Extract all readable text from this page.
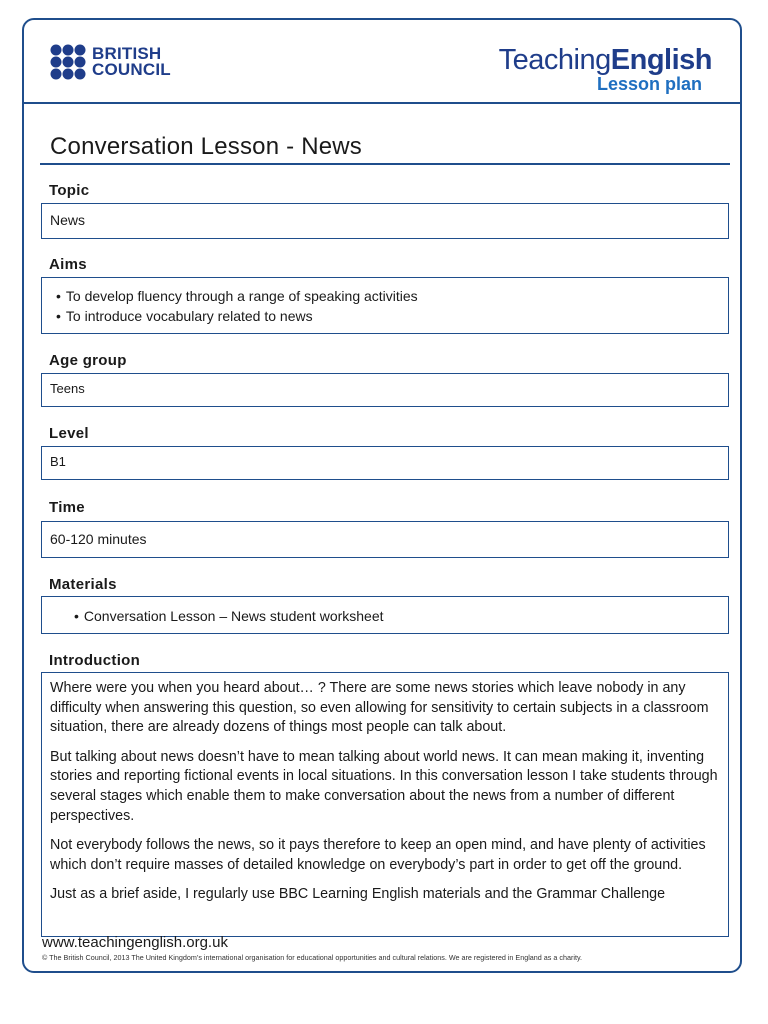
BRITISH
COUNCIL	TeachingEnglish
Lesson plan
Conversation Lesson - News
Topic
News
Aims
• To develop fluency through a range of speaking activities
• To introduce vocabulary related to news
Age group
Teens
Level
B1
Time
60-120 minutes
Materials
• Conversation Lesson – News student worksheet
Introduction

Where were you when you heard about… ? There are some news stories which leave nobody in any difficulty when answering this question, so even allowing for sensitivity to certain subjects in a classroom situation, there are already dozens of things most people can talk about.

But talking about news doesn’t have to mean talking about world news. It can mean making it, inventing stories and reporting fictional events in local situations. In this conversation lesson I take students through several stages which enable them to make conversation about the news from a number of different perspectives.

Not everybody follows the news, so it pays therefore to keep an open mind, and have plenty of activities which don’t require masses of detailed knowledge on everybody’s part in order to get off the ground.

Just as a brief aside, I regularly use BBC Learning English materials and the Grammar Challenge

www.teachingenglish.org.uk
© The British Council, 2013 The United Kingdom’s international organisation for educational opportunities and cultural relations. We are registered in England as a charity.
